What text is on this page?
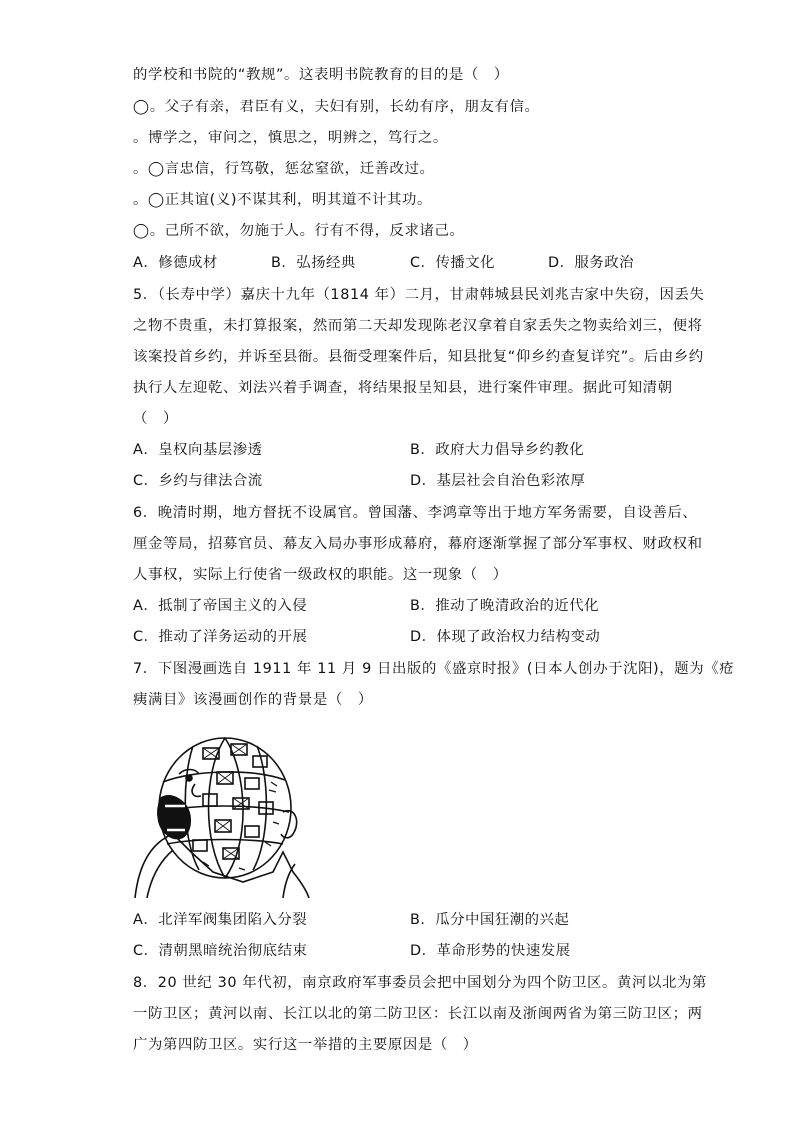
的学校和书院的“教规”。这表明书院教育的目的是（　）
◯。父子有亲，君臣有义，夫妇有别，长幼有序，朋友有信。
。博学之，审问之，慎思之，明辨之，笃行之。
。◯言忠信，行笃敬，惩忿窒欲，迁善改过。
。◯正其谊(义)不谋其利，明其道不计其功。
◯。己所不欲，勿施于人。行有不得，反求诸己。
A．修德成材	B．弘扬经典	C．传播文化	D．服务政治
5．（长寿中学）嘉庆十九年（1814 年）二月，甘肃韩城县民刘兆吉家中失窃，因丢失
之物不贵重，未打算报案，然而第二天却发现陈老汉拿着自家丢失之物卖给刘三，便将
该案投首乡约，并诉至县衙。县衙受理案件后，知县批复“仰乡约查复详究”。后由乡约
执行人左迎乾、刘法兴着手调查，将结果报呈知县，进行案件审理。据此可知清朝
（　）
A．皇权向基层渗透	B．政府大力倡导乡约教化
C．乡约与律法合流	D．基层社会自治色彩浓厚
6．晚清时期，地方督抚不设属官。曾国藩、李鸿章等出于地方军务需要，自设善后、
厘金等局，招募官员、幕友入局办事形成幕府，幕府逐渐掌握了部分军事权、财政权和
人事权，实际上行使省一级政权的职能。这一现象（　）
A．抵制了帝国主义的入侵	B．推动了晚清政治的近代化
C．推动了洋务运动的开展	D．体现了政治权力结构变动
7．下图漫画选自 1911 年 11 月 9 日出版的《盛京时报》(日本人创办于沈阳)，题为《疮
痍满目》该漫画创作的背景是（　）
A．北洋军阀集团陷入分裂	B．瓜分中国狂潮的兴起
C．清朝黑暗统治彻底结束	D．革命形势的快速发展
8．20 世纪 30 年代初，南京政府军事委员会把中国划分为四个防卫区。黄河以北为第
一防卫区；黄河以南、长江以北的第二防卫区：长江以南及浙闽两省为第三防卫区；两
广为第四防卫区。实行这一举措的主要原因是（　）
